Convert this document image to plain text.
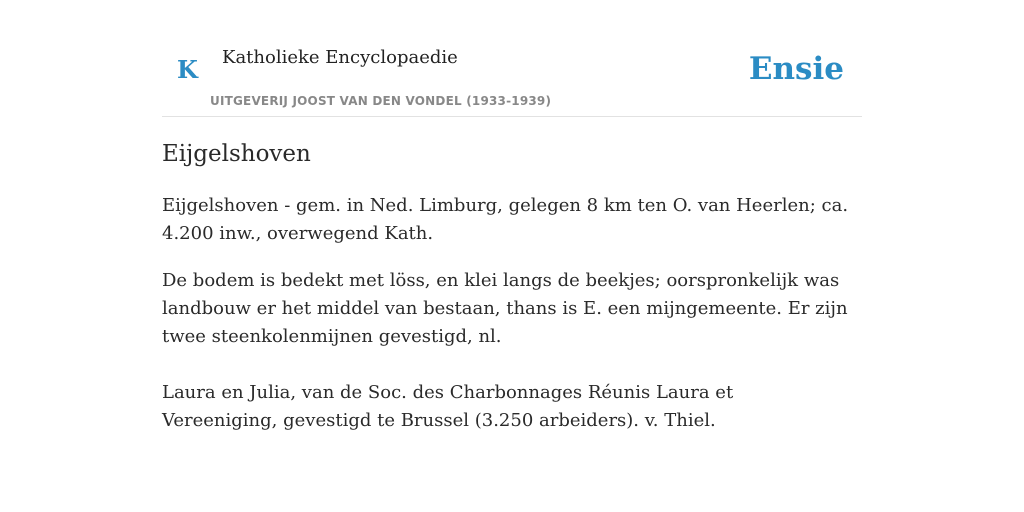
K Katholieke Encyclopaedie
UITGEVERIJ JOOST VAN DEN VONDEL (1933-1939)
Ensie
Eijgelshoven

Eijgelshoven - gem. in Ned. Limburg, gelegen 8 km ten O. van Heerlen; ca. 4.200 inw., overwegend Kath.

De bodem is bedekt met löss, en klei langs de beekjes; oorspronkelijk was landbouw er het middel van bestaan, thans is E. een mijngemeente. Er zijn twee steenkolenmijnen gevestigd, nl.

Laura en Julia, van de Soc. des Charbonnages Réunis Laura et Vereeniging, gevestigd te Brussel (3.250 arbeiders). v. Thiel.
